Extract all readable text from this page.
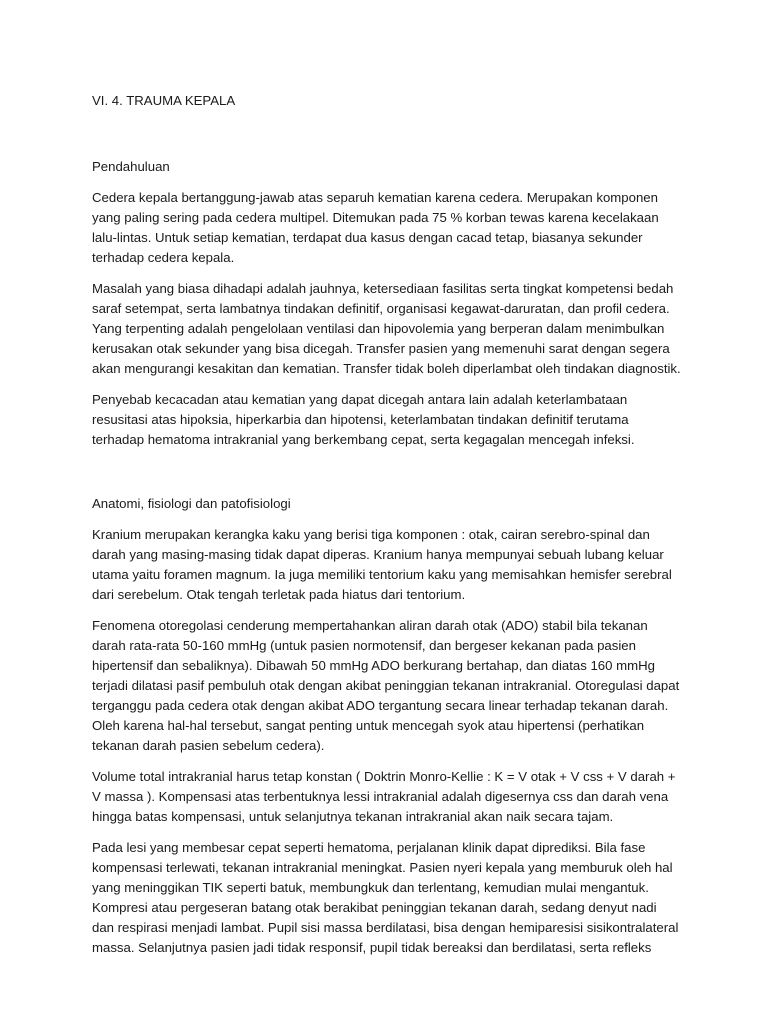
VI. 4. TRAUMA KEPALA
Pendahuluan

Cedera kepala bertanggung-jawab atas separuh kematian karena cedera. Merupakan komponen yang paling sering pada cedera multipel. Ditemukan pada 75 % korban tewas karena kecelakaan lalu-lintas. Untuk setiap kematian, terdapat dua kasus dengan cacad tetap, biasanya sekunder terhadap cedera kepala.

Masalah yang biasa dihadapi adalah jauhnya, ketersediaan fasilitas serta tingkat kompetensi bedah saraf setempat, serta lambatnya tindakan definitif, organisasi kegawat-daruratan, dan profil cedera. Yang terpenting adalah pengelolaan ventilasi dan hipovolemia yang berperan dalam menimbulkan kerusakan otak sekunder yang bisa dicegah. Transfer pasien yang memenuhi sarat dengan segera akan mengurangi kesakitan dan kematian. Transfer tidak boleh diperlambat oleh tindakan diagnostik.

Penyebab kecacadan atau kematian yang dapat dicegah antara lain adalah keterlambataan resusitasi atas hipoksia, hiperkarbia dan hipotensi, keterlambatan tindakan definitif terutama terhadap hematoma intrakranial yang berkembang cepat, serta kegagalan mencegah infeksi.

Anatomi, fisiologi dan patofisiologi

Kranium merupakan kerangka kaku yang berisi tiga komponen : otak, cairan serebro-spinal dan darah yang masing-masing tidak dapat diperas. Kranium hanya mempunyai sebuah lubang keluar utama yaitu foramen magnum. Ia juga memiliki tentorium kaku yang memisahkan hemisfer serebral dari serebelum. Otak tengah terletak pada hiatus dari tentorium.

Fenomena otoregolasi cenderung mempertahankan aliran darah otak (ADO) stabil bila tekanan darah rata-rata 50-160 mmHg (untuk pasien normotensif, dan bergeser kekanan pada pasien hipertensif dan sebaliknya). Dibawah 50 mmHg ADO berkurang bertahap, dan diatas 160 mmHg terjadi dilatasi pasif pembuluh otak dengan akibat peninggian tekanan intrakranial. Otoregulasi dapat terganggu pada cedera otak dengan akibat ADO tergantung secara linear terhadap tekanan darah. Oleh karena hal-hal tersebut, sangat penting untuk mencegah syok atau hipertensi (perhatikan tekanan darah pasien sebelum cedera).

Volume total intrakranial harus tetap konstan ( Doktrin Monro-Kellie : K = V otak + V css + V darah + V massa ). Kompensasi atas terbentuknya lessi intrakranial adalah digesernya css dan darah vena hingga batas kompensasi, untuk selanjutnya tekanan intrakranial akan naik secara tajam.

Pada lesi yang membesar cepat seperti hematoma, perjalanan klinik dapat diprediksi. Bila fase kompensasi terlewati, tekanan intrakranial meningkat. Pasien nyeri kepala yang memburuk oleh hal yang meninggikan TIK seperti batuk, membungkuk dan terlentang, kemudian mulai mengantuk. Kompresi atau pergeseran batang otak berakibat peninggian tekanan darah, sedang denyut nadi dan respirasi menjadi lambat. Pupil sisi massa berdilatasi, bisa dengan hemiparesisi sisikontralateral massa. Selanjutnya pasien jadi tidak responsif, pupil tidak bereaksi dan berdilatasi, serta refleks
